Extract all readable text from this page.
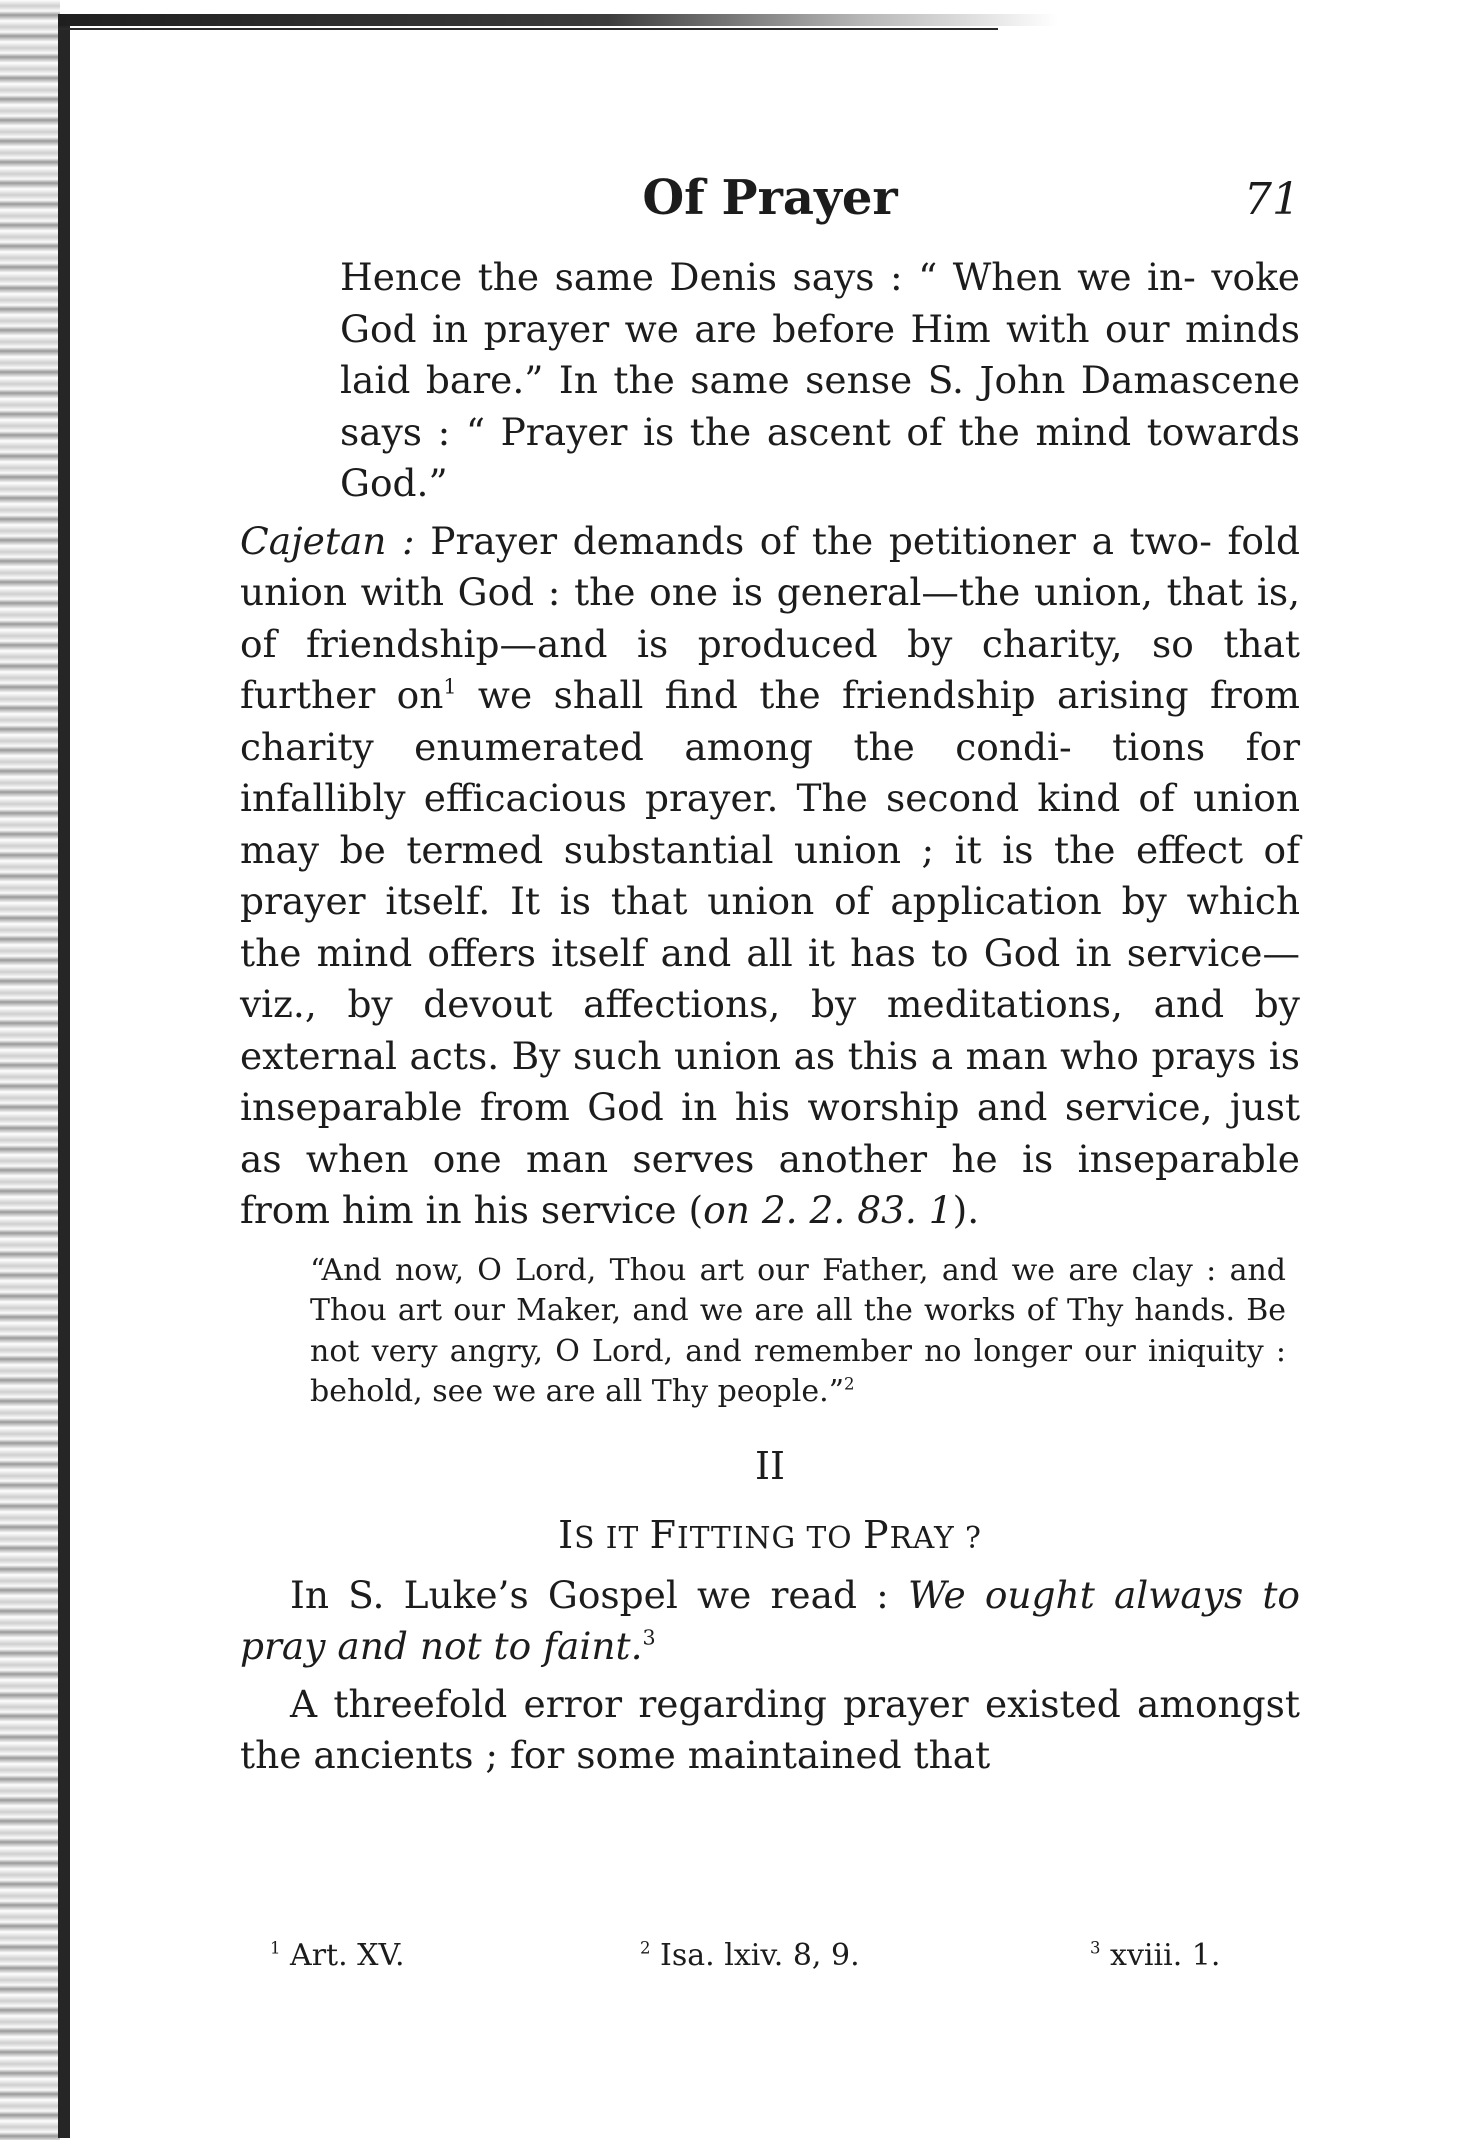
Of Prayer	71

Hence the same Denis says : “ When we in- voke God in prayer we are before Him with our minds laid bare.” In the same sense S. John Damascene says : “ Prayer is the ascent of the mind towards God.”

Cajetan : Prayer demands of the petitioner a two- fold union with God : the one is general—the union, that is, of friendship—and is produced by charity, so that further $on^1$ we shall find the friendship arising from charity enumerated among the condi- tions for infallibly efficacious prayer. The second kind of union may be termed substantial union ; it is the effect of prayer itself. It is that union of application by which the mind offers itself and all it has to God in service—viz., by devout affections, by meditations, and by external acts. By such union as this a man who prays is inseparable from God in his worship and service, just as when one man serves another he is inseparable from him in his service (on 2. 2. 83. 1).

“And now, O Lord, Thou art our Father, and we are clay : and Thou art our Maker, and we are all the works of Thy hands. Be not very angry, O Lord, and remember no longer our iniquity : behold, see we are all Thy people.”$^2$

II

IS IT FITTING TO PRAY ?

In S. Luke’s Gospel we read : We ought always to pray and not to faint.$^3$

A threefold error regarding prayer existed amongst the ancients ; for some maintained that

$^1$ Art. XV.	$^2$ Isa. lxiv. 8, 9.	$^3$ xviii. 1.
